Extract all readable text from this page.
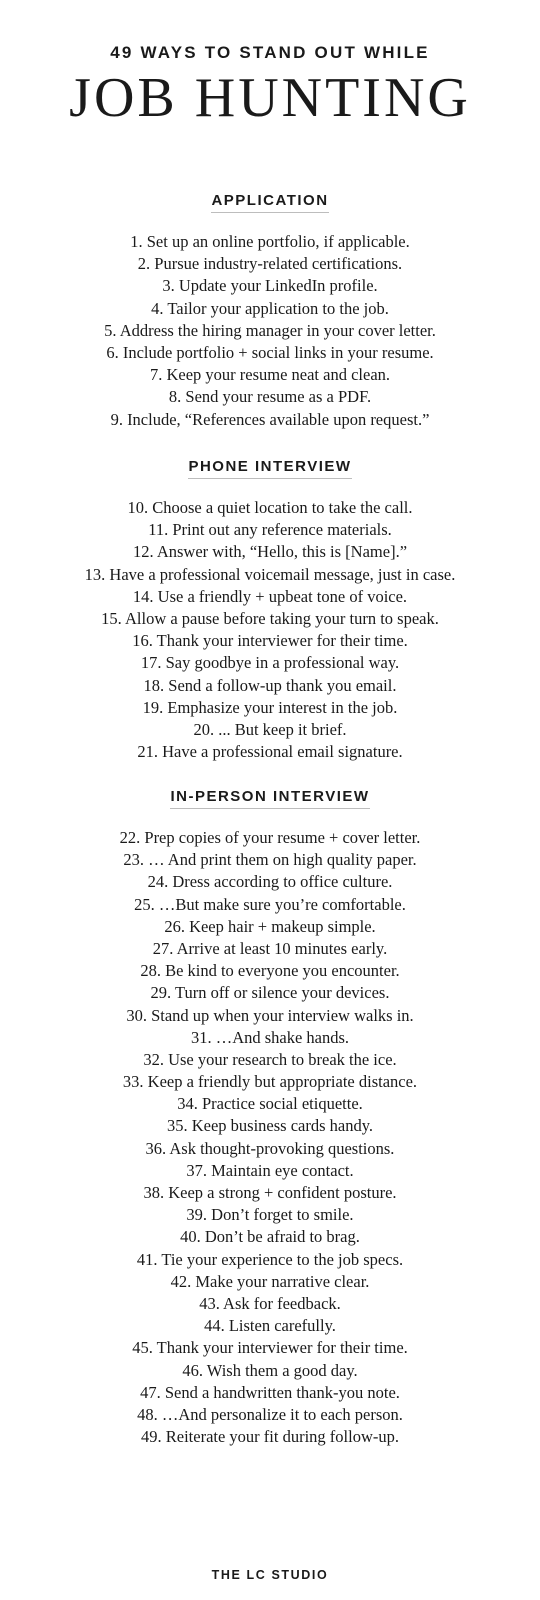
49 WAYS TO STAND OUT WHILE
JOB HUNTING
APPLICATION
1. Set up an online portfolio, if applicable.
2. Pursue industry-related certifications.
3. Update your LinkedIn profile.
4. Tailor your application to the job.
5. Address the hiring manager in your cover letter.
6. Include portfolio + social links in your resume.
7. Keep your resume neat and clean.
8. Send your resume as a PDF.
9. Include, “References available upon request.”
PHONE INTERVIEW
10. Choose a quiet location to take the call.
11. Print out any reference materials.
12. Answer with, “Hello, this is [Name].”
13. Have a professional voicemail message, just in case.
14. Use a friendly + upbeat tone of voice.
15. Allow a pause before taking your turn to speak.
16. Thank your interviewer for their time.
17. Say goodbye in a professional way.
18. Send a follow-up thank you email.
19. Emphasize your interest in the job.
20. ... But keep it brief.
21. Have a professional email signature.
IN-PERSON INTERVIEW
22. Prep copies of your resume + cover letter.
23. … And print them on high quality paper.
24. Dress according to office culture.
25. …But make sure you’re comfortable.
26. Keep hair + makeup simple.
27. Arrive at least 10 minutes early.
28. Be kind to everyone you encounter.
29. Turn off or silence your devices.
30. Stand up when your interview walks in.
31. …And shake hands.
32. Use your research to break the ice.
33. Keep a friendly but appropriate distance.
34. Practice social etiquette.
35. Keep business cards handy.
36. Ask thought-provoking questions.
37. Maintain eye contact.
38. Keep a strong + confident posture.
39. Don’t forget to smile.
40. Don’t be afraid to brag.
41. Tie your experience to the job specs.
42. Make your narrative clear.
43. Ask for feedback.
44. Listen carefully.
45. Thank your interviewer for their time.
46. Wish them a good day.
47. Send a handwritten thank-you note.
48. …And personalize it to each person.
49. Reiterate your fit during follow-up.
THE LC STUDIO
